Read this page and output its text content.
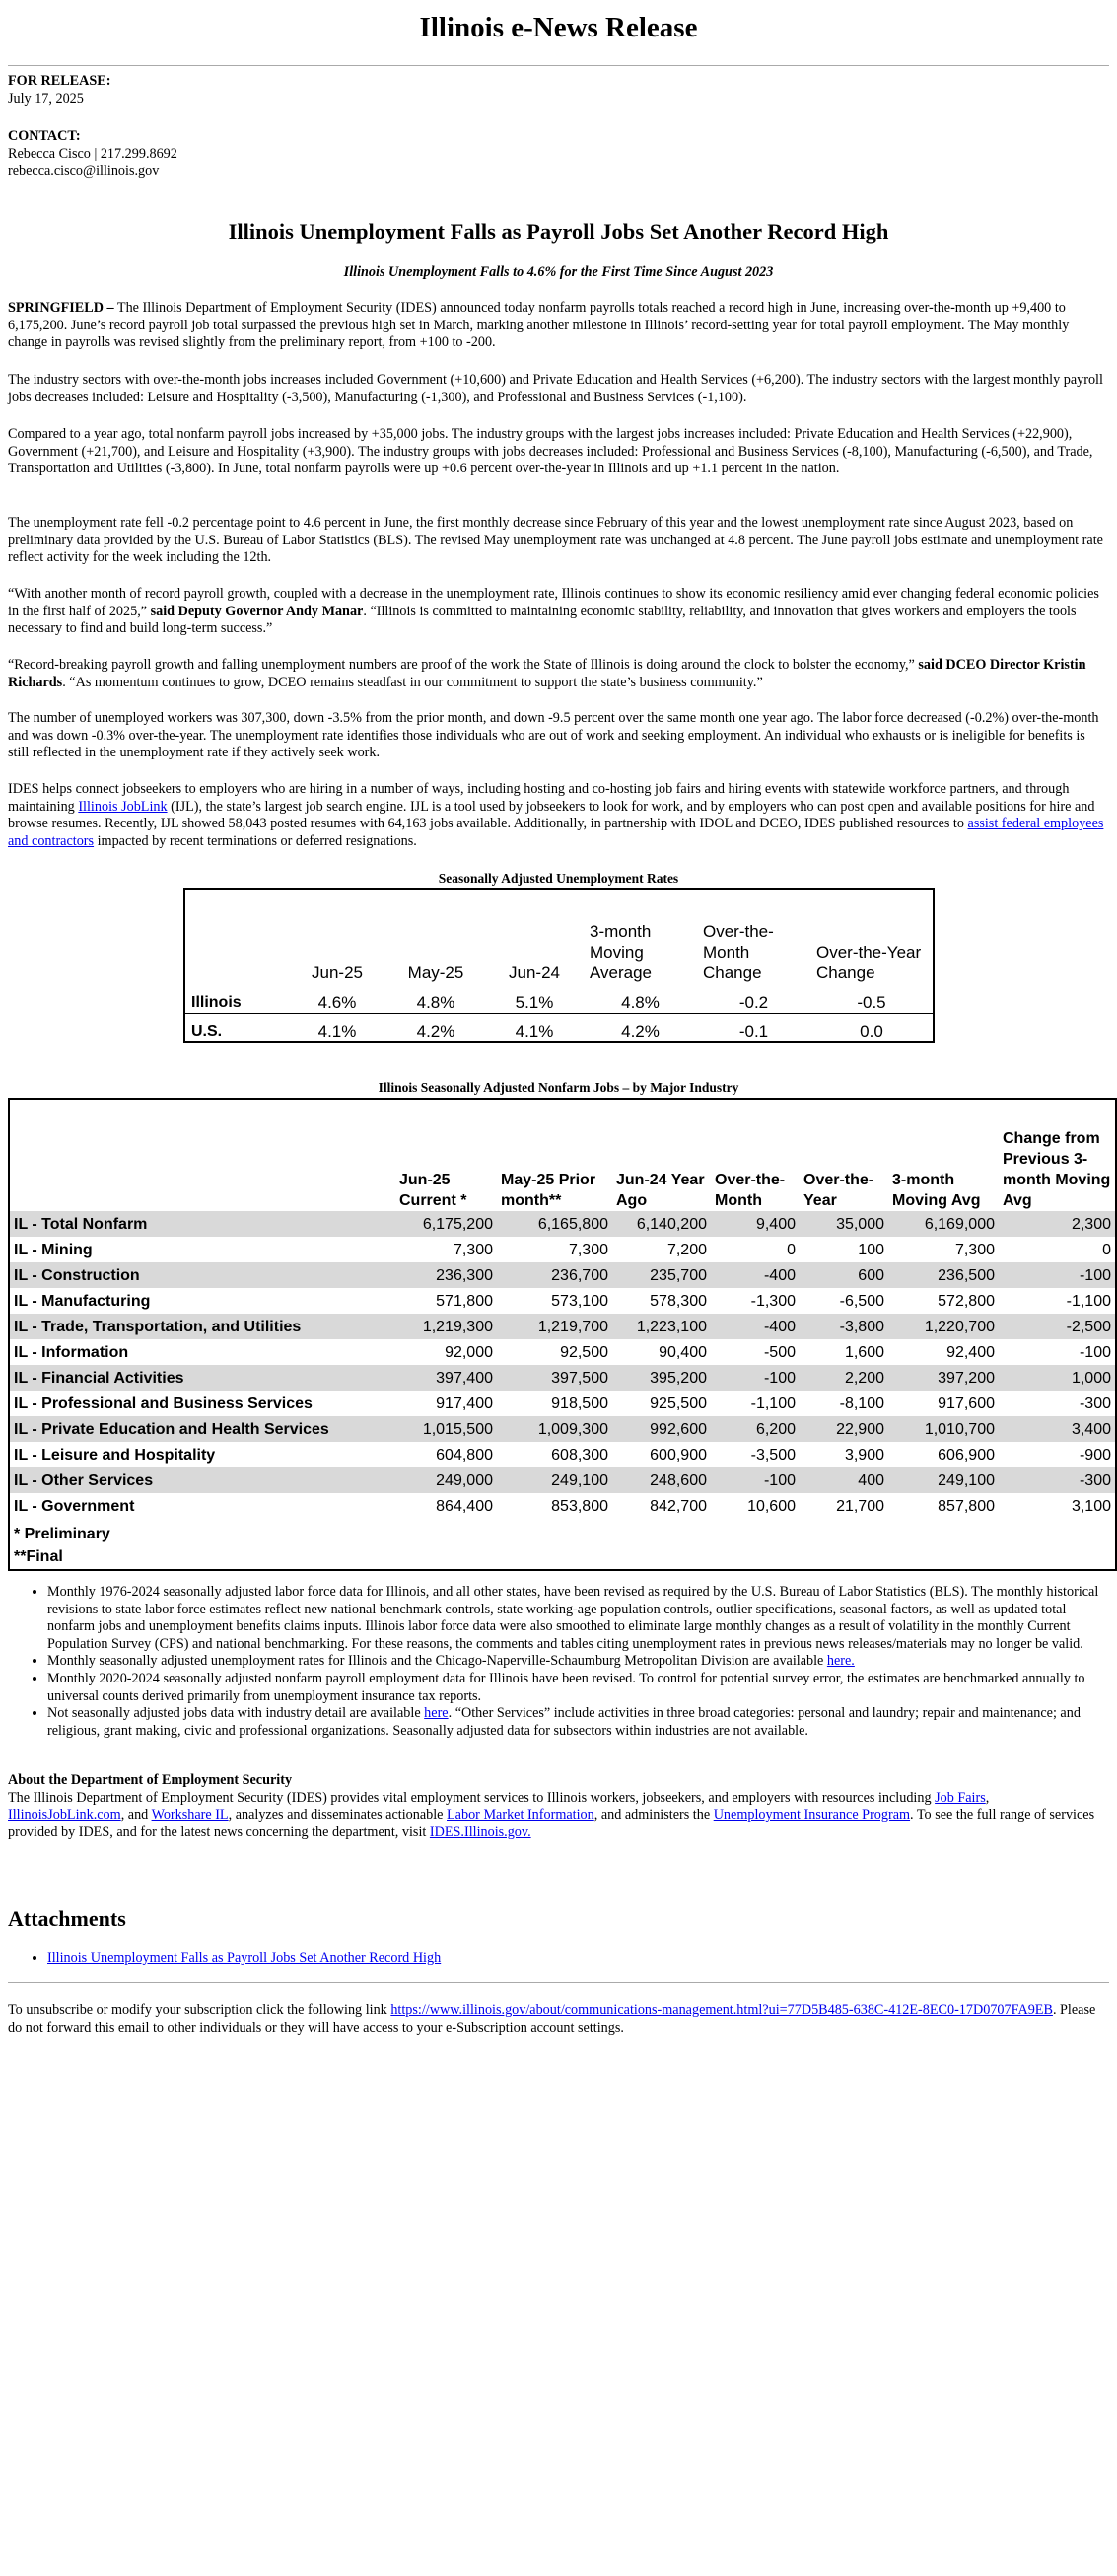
Illinois e-News Release
FOR RELEASE:
July 17, 2025
CONTACT:
Rebecca Cisco | 217.299.8692
rebecca.cisco@illinois.gov
Illinois Unemployment Falls as Payroll Jobs Set Another Record High
Illinois Unemployment Falls to 4.6% for the First Time Since August 2023

SPRINGFIELD – The Illinois Department of Employment Security (IDES) announced today nonfarm payrolls totals reached a record high in June, increasing over-the-month up +9,400 to 6,175,200. June’s record payroll job total surpassed the previous high set in March, marking another milestone in Illinois’ record-setting year for total payroll employment. The May monthly change in payrolls was revised slightly from the preliminary report, from +100 to -200.

The industry sectors with over-the-month jobs increases included Government (+10,600) and Private Education and Health Services (+6,200). The industry sectors with the largest monthly payroll jobs decreases included: Leisure and Hospitality (-3,500), Manufacturing (-1,300), and Professional and Business Services (-1,100).

Compared to a year ago, total nonfarm payroll jobs increased by +35,000 jobs. The industry groups with the largest jobs increases included: Private Education and Health Services (+22,900), Government (+21,700), and Leisure and Hospitality (+3,900). The industry groups with jobs decreases included: Professional and Business Services (-8,100), Manufacturing (-6,500), and Trade, Transportation and Utilities (-3,800). In June, total nonfarm payrolls were up +0.6 percent over-the-year in Illinois and up +1.1 percent in the nation.

The unemployment rate fell -0.2 percentage point to 4.6 percent in June, the first monthly decrease since February of this year and the lowest unemployment rate since August 2023, based on preliminary data provided by the U.S. Bureau of Labor Statistics (BLS). The revised May unemployment rate was unchanged at 4.8 percent. The June payroll jobs estimate and unemployment rate reflect activity for the week including the 12th.

“With another month of record payroll growth, coupled with a decrease in the unemployment rate, Illinois continues to show its economic resiliency amid ever changing federal economic policies in the first half of 2025,” said Deputy Governor Andy Manar. “Illinois is committed to maintaining economic stability, reliability, and innovation that gives workers and employers the tools necessary to find and build long-term success.”

“Record-breaking payroll growth and falling unemployment numbers are proof of the work the State of Illinois is doing around the clock to bolster the economy,” said DCEO Director Kristin Richards. “As momentum continues to grow, DCEO remains steadfast in our commitment to support the state’s business community.”

The number of unemployed workers was 307,300, down -3.5% from the prior month, and down -9.5 percent over the same month one year ago. The labor force decreased (-0.2%) over-the-month and was down -0.3% over-the-year. The unemployment rate identifies those individuals who are out of work and seeking employment. An individual who exhausts or is ineligible for benefits is still reflected in the unemployment rate if they actively seek work.

IDES helps connect jobseekers to employers who are hiring in a number of ways, including hosting and co-hosting job fairs and hiring events with statewide workforce partners, and through maintaining Illinois JobLink (IJL), the state’s largest job search engine. IJL is a tool used by jobseekers to look for work, and by employers who can post open and available positions for hire and browse resumes. Recently, IJL showed 58,043 posted resumes with 64,163 jobs available. Additionally, in partnership with IDOL and DCEO, IDES published resources to assist federal employees and contractors impacted by recent terminations or deferred resignations.

Seasonally Adjusted Unemployment Rates
	Jun-25	May-25	Jun-24	3-month Moving Average	Over-the-Month Change	Over-the-Year Change
Illinois	4.6%	4.8%	5.1%	4.8%	-0.2	-0.5
U.S.	4.1%	4.2%	4.1%	4.2%	-0.1	0.0
Illinois Seasonally Adjusted Nonfarm Jobs – by Major Industry
	Jun-25 Current *	May-25 Prior month**	Jun-24 Year Ago	Over-the-Month	Over-the-Year	3-month Moving Avg	Change from Previous 3-month Moving Avg
IL - Total Nonfarm	6,175,200	6,165,800	6,140,200	9,400	35,000	6,169,000	2,300
IL - Mining	7,300	7,300	7,200	0	100	7,300	0
IL - Construction	236,300	236,700	235,700	-400	600	236,500	-100
IL - Manufacturing	571,800	573,100	578,300	-1,300	-6,500	572,800	-1,100
IL - Trade, Transportation, and Utilities	1,219,300	1,219,700	1,223,100	-400	-3,800	1,220,700	-2,500
IL - Information	92,000	92,500	90,400	-500	1,600	92,400	-100
IL - Financial Activities	397,400	397,500	395,200	-100	2,200	397,200	1,000
IL - Professional and Business Services	917,400	918,500	925,500	-1,100	-8,100	917,600	-300
IL - Private Education and Health Services	1,015,500	1,009,300	992,600	6,200	22,900	1,010,700	3,400
IL - Leisure and Hospitality	604,800	608,300	600,900	-3,500	3,900	606,900	-900
IL - Other Services	249,000	249,100	248,600	-100	400	249,100	-300
IL - Government	864,400	853,800	842,700	10,600	21,700	857,800	3,100
* Preliminary							
**Final							
• Monthly 1976-2024 seasonally adjusted labor force data for Illinois, and all other states, have been revised as required by the U.S. Bureau of Labor Statistics (BLS). The monthly historical revisions to state labor force estimates reflect new national benchmark controls, state working-age population controls, outlier specifications, seasonal factors, as well as updated total nonfarm jobs and unemployment benefits claims inputs. Illinois labor force data were also smoothed to eliminate large monthly changes as a result of volatility in the monthly Current Population Survey (CPS) and national benchmarking. For these reasons, the comments and tables citing unemployment rates in previous news releases/materials may no longer be valid.
• Monthly seasonally adjusted unemployment rates for Illinois and the Chicago-Naperville-Schaumburg Metropolitan Division are available here.
• Monthly 2020-2024 seasonally adjusted nonfarm payroll employment data for Illinois have been revised. To control for potential survey error, the estimates are benchmarked annually to universal counts derived primarily from unemployment insurance tax reports.
• Not seasonally adjusted jobs data with industry detail are available here. “Other Services” include activities in three broad categories: personal and laundry; repair and maintenance; and religious, grant making, civic and professional organizations. Seasonally adjusted data for subsectors within industries are not available.
About the Department of Employment Security
The Illinois Department of Employment Security (IDES) provides vital employment services to Illinois workers, jobseekers, and employers with resources including Job Fairs, IllinoisJobLink.com, and Workshare IL, analyzes and disseminates actionable Labor Market Information, and administers the Unemployment Insurance Program. To see the full range of services provided by IDES, and for the latest news concerning the department, visit IDES.Illinois.gov.
Attachments
• Illinois Unemployment Falls as Payroll Jobs Set Another Record High
To unsubscribe or modify your subscription click the following link https://www.illinois.gov/about/communications-management.html?ui=77D5B485-638C-412E-8EC0-17D0707FA9EB. Please do not forward this email to other individuals or they will have access to your e-Subscription account settings.
